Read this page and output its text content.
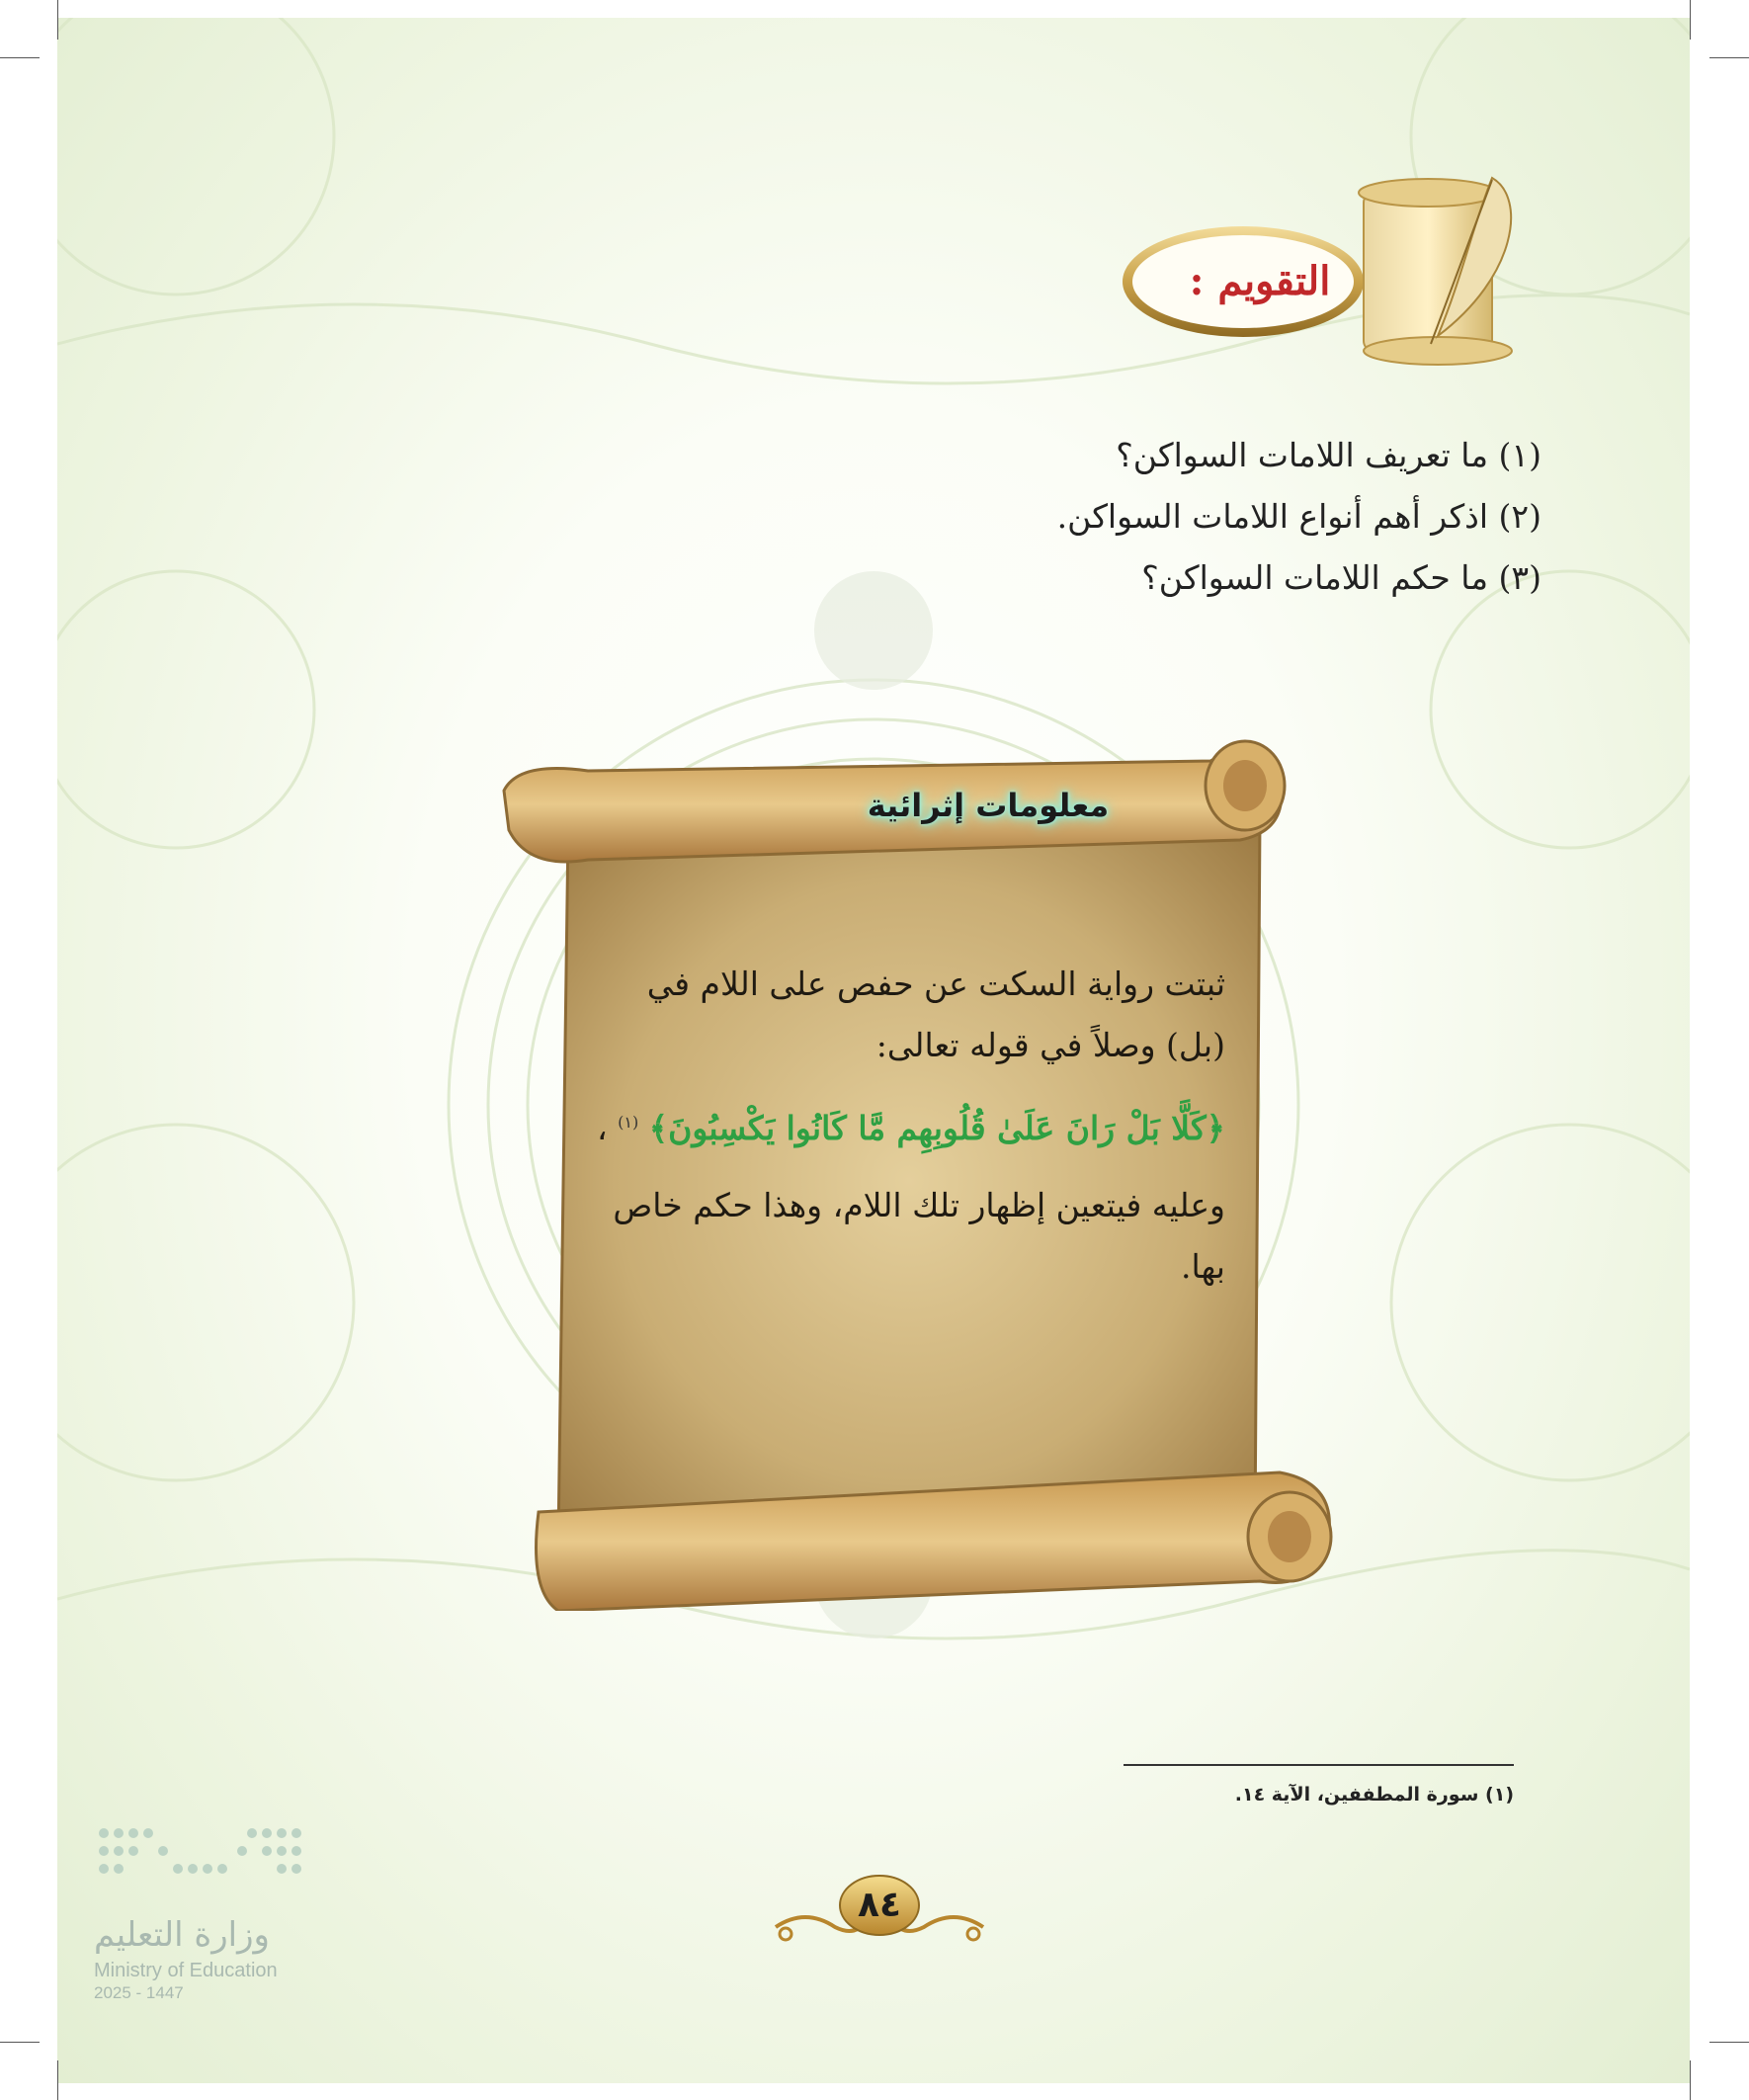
التقويم :
(١) ما تعريف اللامات السواكن؟
(٢) اذكر أهم أنواع اللامات السواكن.
(٣) ما حكم اللامات السواكن؟
معلومات إثرائية

ثبتت رواية السكت عن حفص على اللام في

(بل) وصلاً في قوله تعالى:

﴿كَلَّا بَلْ رَانَ عَلَىٰ قُلُوبِهِم مَّا كَانُوا يَكْسِبُونَ﴾ $^{(١)}$ ،

وعليه فيتعين إظهار تلك اللام، وهذا حكم خاص

بها.

(١) سورة المطففين، الآية ١٤.
٨٤
وزارة التعليم
Ministry of Education
2025 - 1447
